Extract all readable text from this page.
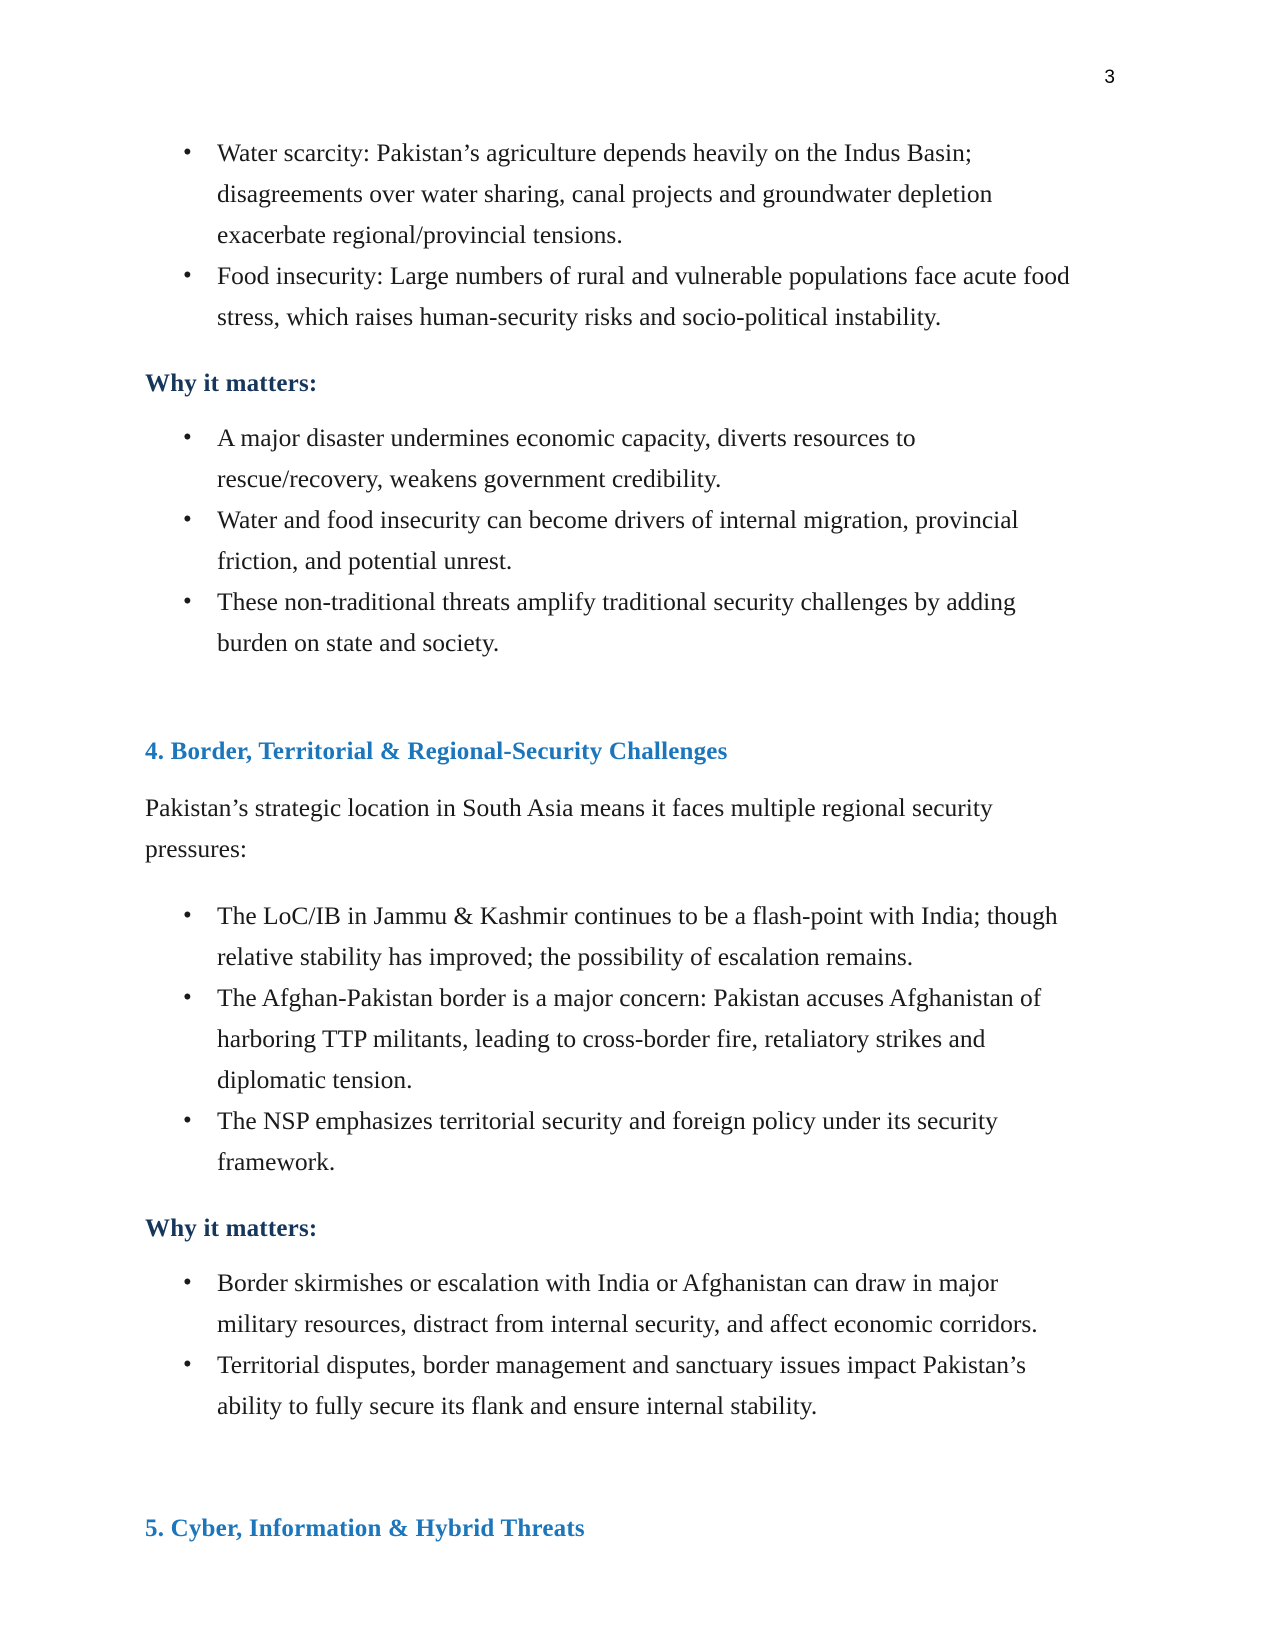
3
• Water scarcity: Pakistan’s agriculture depends heavily on the Indus Basin; disagreements over water sharing, canal projects and groundwater depletion exacerbate regional/provincial tensions.
• Food insecurity: Large numbers of rural and vulnerable populations face acute food stress, which raises human-security risks and socio-political instability.
Why it matters:
• A major disaster undermines economic capacity, diverts resources to rescue/recovery, weakens government credibility.
• Water and food insecurity can become drivers of internal migration, provincial friction, and potential unrest.
• These non-traditional threats amplify traditional security challenges by adding burden on state and society.
4. Border, Territorial & Regional-Security Challenges
Pakistan’s strategic location in South Asia means it faces multiple regional security pressures:
• The LoC/IB in Jammu & Kashmir continues to be a flash-point with India; though relative stability has improved; the possibility of escalation remains.
• The Afghan-Pakistan border is a major concern: Pakistan accuses Afghanistan of harboring TTP militants, leading to cross-border fire, retaliatory strikes and diplomatic tension.
• The NSP emphasizes territorial security and foreign policy under its security framework.
Why it matters:
• Border skirmishes or escalation with India or Afghanistan can draw in major military resources, distract from internal security, and affect economic corridors.
• Territorial disputes, border management and sanctuary issues impact Pakistan’s ability to fully secure its flank and ensure internal stability.
5. Cyber, Information & Hybrid Threats
